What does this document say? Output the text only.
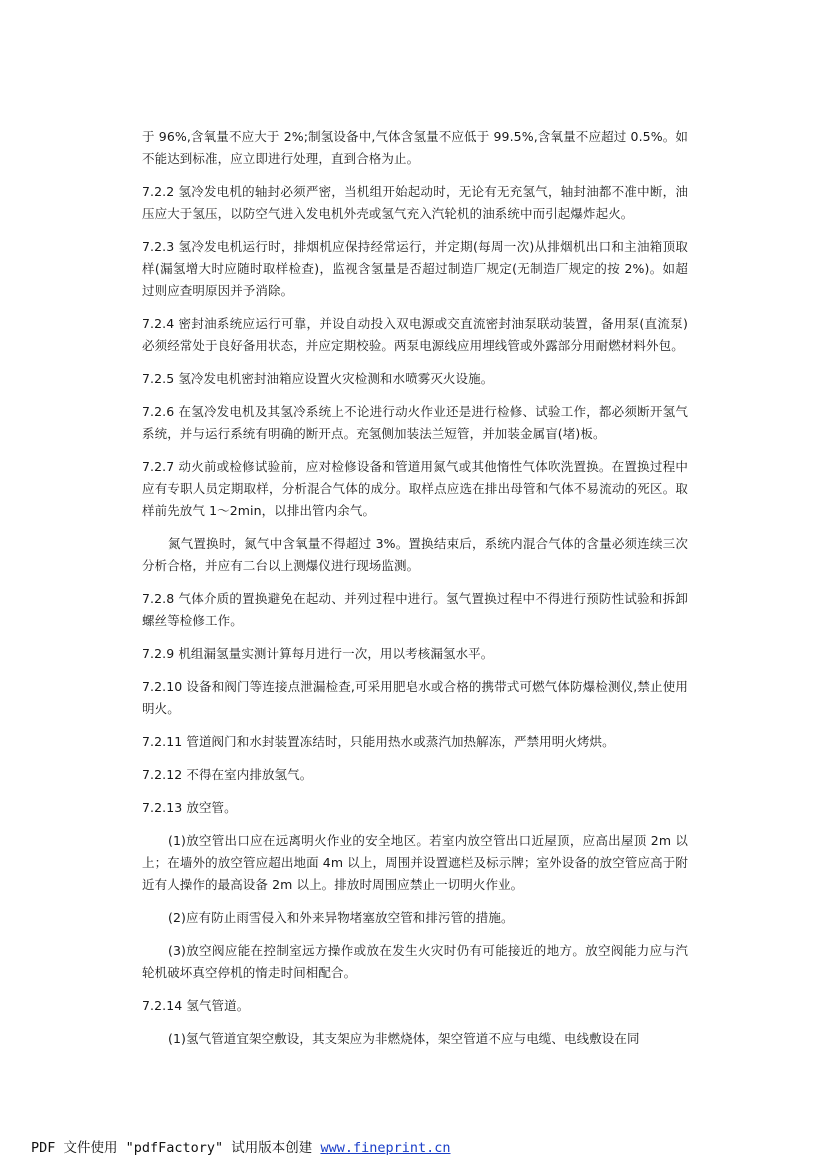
于 96%,含氧量不应大于 2%;制氢设备中,气体含氢量不应低于 99.5%,含氧量不应超过 0.5%。如不能达到标准，应立即进行处理，直到合格为止。

7.2.2 氢冷发电机的轴封必须严密，当机组开始起动时，无论有无充氢气，轴封油都不准中断，油压应大于氢压，以防空气进入发电机外壳或氢气充入汽轮机的油系统中而引起爆炸起火。

7.2.3 氢冷发电机运行时，排烟机应保持经常运行，并定期(每周一次)从排烟机出口和主油箱顶取样(漏氢增大时应随时取样检查)，监视含氢量是否超过制造厂规定(无制造厂规定的按 2%)。如超过则应查明原因并予消除。

7.2.4 密封油系统应运行可靠，并设自动投入双电源或交直流密封油泵联动装置，备用泵(直流泵)必须经常处于良好备用状态，并应定期校验。两泵电源线应用埋线管或外露部分用耐燃材料外包。

7.2.5 氢冷发电机密封油箱应设置火灾检测和水喷雾灭火设施。

7.2.6 在氢冷发电机及其氢冷系统上不论进行动火作业还是进行检修、试验工作，都必须断开氢气系统，并与运行系统有明确的断开点。充氢侧加装法兰短管，并加装金属盲(堵)板。

7.2.7 动火前或检修试验前，应对检修设备和管道用氮气或其他惰性气体吹洗置换。在置换过程中应有专职人员定期取样，分析混合气体的成分。取样点应选在排出母管和气体不易流动的死区。取样前先放气 1～2min，以排出管内余气。

氮气置换时，氮气中含氧量不得超过 3%。置换结束后，系统内混合气体的含量必须连续三次分析合格，并应有二台以上测爆仪进行现场监测。

7.2.8 气体介质的置换避免在起动、并列过程中进行。氢气置换过程中不得进行预防性试验和拆卸螺丝等检修工作。

7.2.9 机组漏氢量实测计算每月进行一次，用以考核漏氢水平。

7.2.10 设备和阀门等连接点泄漏检查,可采用肥皂水或合格的携带式可燃气体防爆检测仪,禁止使用明火。

7.2.11 管道阀门和水封装置冻结时，只能用热水或蒸汽加热解冻，严禁用明火烤烘。

7.2.12 不得在室内排放氢气。

7.2.13 放空管。

(1)放空管出口应在远离明火作业的安全地区。若室内放空管出口近屋顶，应高出屋顶 2m 以上；在墙外的放空管应超出地面 4m 以上，周围并设置遮栏及标示牌；室外设备的放空管应高于附近有人操作的最高设备 2m 以上。排放时周围应禁止一切明火作业。

(2)应有防止雨雪侵入和外来异物堵塞放空管和排污管的措施。

(3)放空阀应能在控制室远方操作或放在发生火灾时仍有可能接近的地方。放空阀能力应与汽轮机破坏真空停机的惰走时间相配合。

7.2.14 氢气管道。

(1)氢气管道宜架空敷设，其支架应为非燃烧体，架空管道不应与电缆、电线敷设在同

PDF 文件使用 "pdfFactory" 试用版本创建 www.fineprint.cn
